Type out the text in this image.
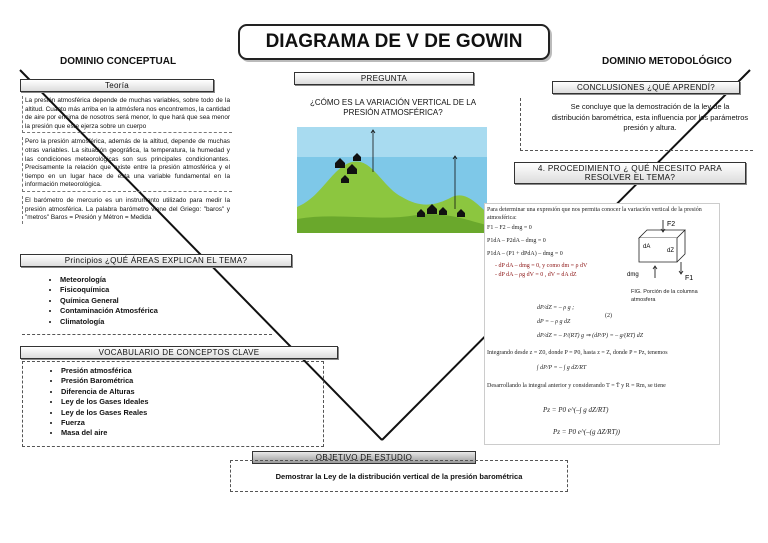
DIAGRAMA DE V DE GOWIN
DOMINIO CONCEPTUAL	DOMINIO METODOLÓGICO
Teoría
La presión atmosférica depende de muchas variables, sobre todo de la altitud. Cuanto más arriba en la atmósfera nos encontremos, la cantidad de aire por encima de nosotros será menor, lo que hará que sea menor la presión que este ejerza sobre un cuerpo
Pero la presión atmosférica, además de la altitud, depende de muchas otras variables. La situación geográfica, la temperatura, la humedad y las condiciones meteorológicas son sus principales condicionantes. Precisamente la relación que existe entre la presión atmosférica y el tiempo en un lugar hace de esta una variable fundamental en la información meteorológica.
El barómetro de mercurio es un instrumento utilizado para medir la presión atmosférica. La palabra barómetro viene del Griego: "baros" y "metros" Baros = Presión y Métron = Medida
Principios ¿QUÉ ÁREAS EXPLICAN EL TEMA?
• Meteorología
• Fisicoquímica
• Química General
• Contaminación Atmosférica
• Climatología
VOCABULARIO DE CONCEPTOS CLAVE
• Presión atmosférica
• Presión Barométrica
• Diferencia de Alturas
• Ley de los Gases Ideales
• Ley de los Gases Reales
• Fuerza
• Masa del aire
PREGUNTA
¿CÓMO ES LA VARIACIÓN VERTICAL DE LA PRESIÓN ATMOSFÉRICA?
OBJETIVO DE ESTUDIO
Demostrar la Ley de la distribución vertical de la presión barométrica
CONCLUSIONES ¿QUÉ APRENDÍ?
Se concluye que la demostración de la ley de la distribución barométrica, esta influencia por los parámetros presión y altura.
4. PROCEDIMIENTO ¿ QUÉ NECESITO PARA RESOLVER EL TEMA?
Para determinar una expresión que nos permita conocer la variación vertical de la presión atmosférica:
F1 – F2 – dmg = 0
P1dA – P2dA – dmg = 0
P1dA – (P1 + dPdA) – dmg = 0
- dP dA – dmg = 0, y como dm = ρ dV
- dP dA – ρg dV = 0 , dV = dA dZ
F2
F1
dA
dZ
dmg
FIG. Porción de la columna atmosfera
dP/dZ = – ρ g ;
dP = – ρ g dZ
(2)
dP/dZ = – P/(RT) g ⇒ (dP/P) = – g/(RT) dZ
Integrando desde z = Z0, donde P = P0, hasta z = Z, donde P = Pz, tenemos
∫ dP/P = – ∫ g dZ/RT
Desarrollando la integral anterior y considerando T = T̄ y R = Rm, se tiene
Pz = P0 e^(–∫ g dZ/RT)
Pz = P0 e^(–(g ΔZ/RT))
